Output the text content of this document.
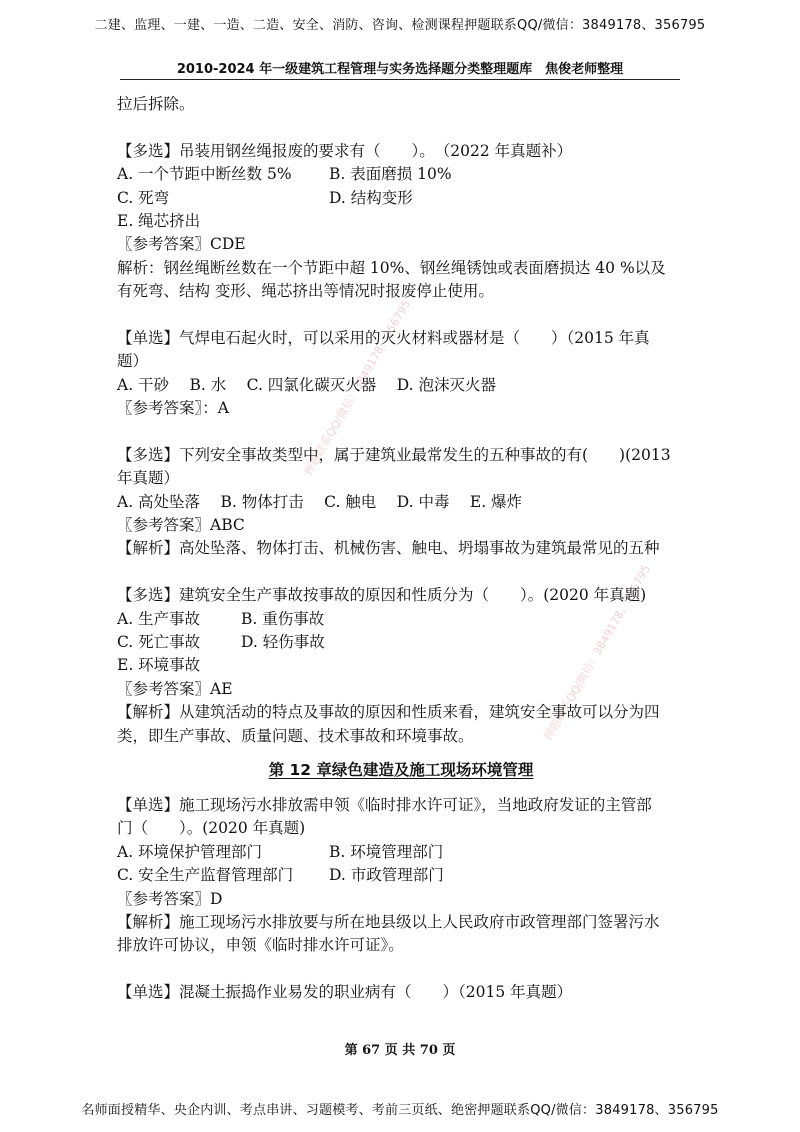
二建、监理、一建、一造、二造、安全、消防、咨询、检测课程押题联系QQ/微信：3849178、356795
2010-2024 年一级建筑工程管理与实务选择题分类整理题库　焦俊老师整理
押题联系QQ/微信：3849178、356795
押题联系QQ/微信：3849178、356795
拉后拆除。
【多选】吊装用钢丝绳报废的要求有（　　）。　（2022 年真题补）
A. 一个节距中断丝数 5% B. 表面磨损 10%
C. 死弯	D. 结构变形
E. 绳芯挤出
〖参考答案〗CDE
解析：钢丝绳断丝数在一个节距中超 10%、钢丝绳锈蚀或表面磨损达 40 %以及
有死弯、结构 变形、绳芯挤出等情况时报废停止使用。
【单选】气焊电石起火时，可以采用的灭火材料或器材是（　　）（2015 年真
题）
A. 干砂　 B. 水　 C. 四氯化碳灭火器　 D. 泡沫灭火器
〖参考答案〗：A
【多选】下列安全事故类型中，属于建筑业最常发生的五种事故的有(　　)(2013
年真题）
A. 高处坠落　 B. 物体打击　 C. 触电　 D. 中毒　 E. 爆炸
〖参考答案〗ABC
【解析】高处坠落、物体打击、机械伤害、触电、坍塌事故为建筑最常见的五种
【多选】建筑安全生产事故按事故的原因和性质分为（　　）。(2020 年真题)
A. 生产事故	B. 重伤事故
C. 死亡事故	D. 轻伤事故
E. 环境事故
〖参考答案〗AE
【解析】从建筑活动的特点及事故的原因和性质来看，建筑安全事故可以分为四
类，即生产事故、质量问题、技术事故和环境事故。
第 12 章绿色建造及施工现场环境管理
【单选】施工现场污水排放需申领《临时排水许可证》，当地政府发证的主管部
门（　　）。(2020 年真题)
A. 环境保护管理部门	B. 环境管理部门
C. 安全生产监督管理部门 D. 市政管理部门
〖参考答案〗D
【解析】施工现场污水排放要与所在地县级以上人民政府市政管理部门签署污水
排放许可协议，申领《临时排水许可证》。
【单选】混凝土振捣作业易发的职业病有（　　）（2015 年真题）
第 67 页 共 70 页
名师面授精华、央企内训、考点串讲、习题模考、考前三页纸、绝密押题联系QQ/微信：3849178、356795
